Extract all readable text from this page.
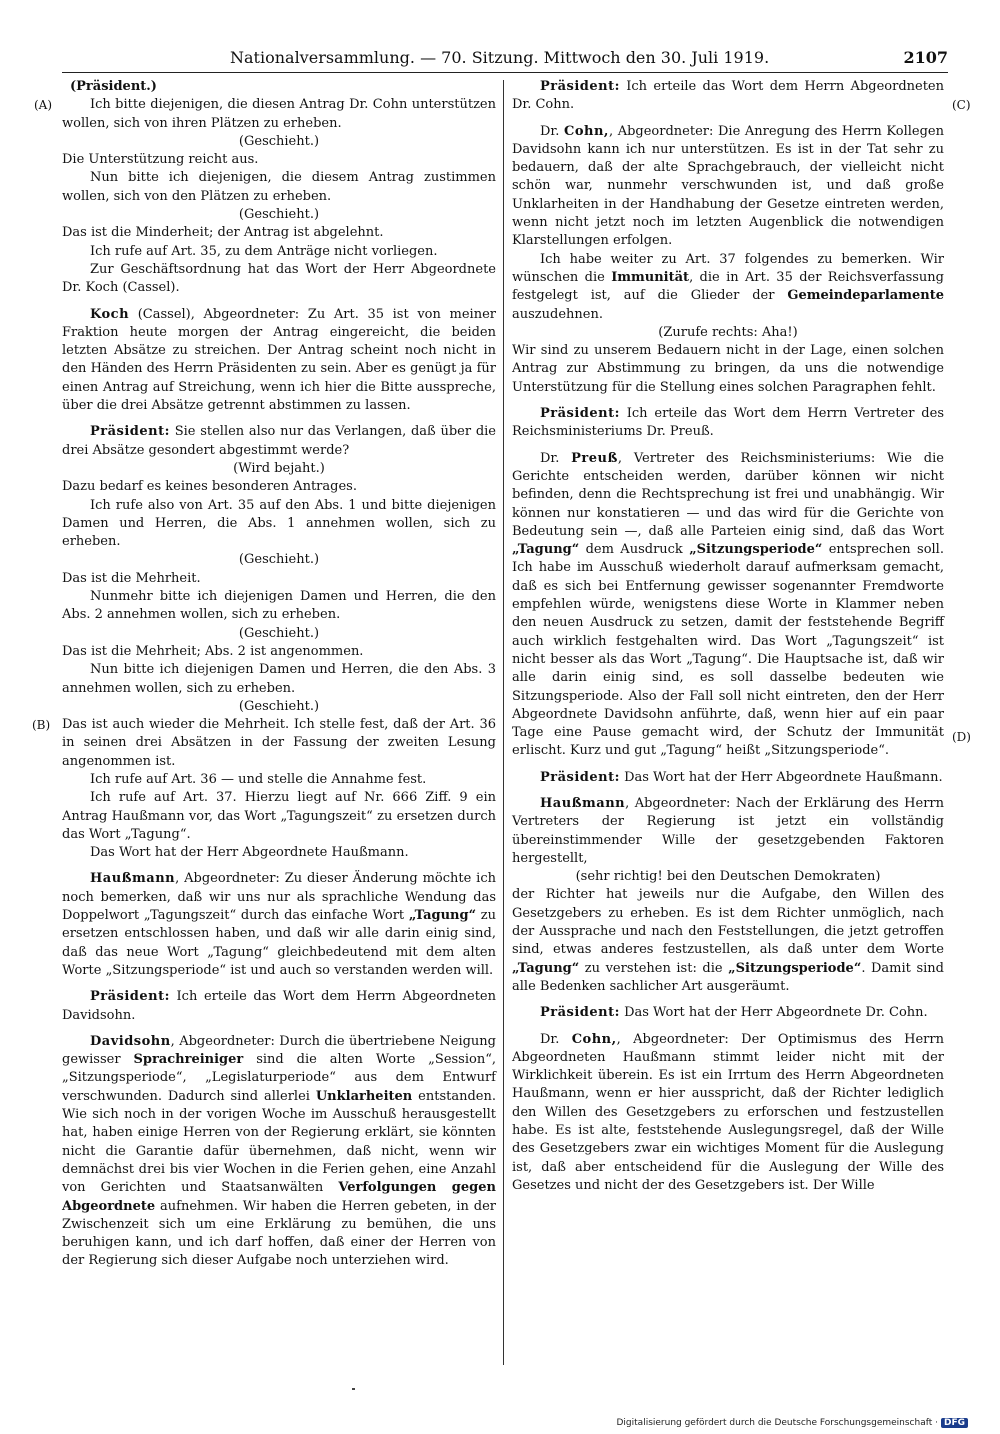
Nationalversammlung. — 70. Sitzung. Mittwoch den 30. Juli 1919.	2107
(A)
(B)
(C)
(D)

(Präsident.)

Ich bitte diejenigen, die diesen Antrag Dr. Cohn unterstützen wollen, sich von ihren Plätzen zu erheben.

(Geschieht.)

Die Unterstützung reicht aus.

Nun bitte ich diejenigen, die diesem Antrag zustimmen wollen, sich von den Plätzen zu erheben.

(Geschieht.)

Das ist die Minderheit; der Antrag ist abgelehnt.

Ich rufe auf Art. 35, zu dem Anträge nicht vorliegen.

Zur Geschäftsordnung hat das Wort der Herr Abgeordnete Dr. Koch (Cassel).

Koch (Cassel), Abgeordneter: Zu Art. 35 ist von meiner Fraktion heute morgen der Antrag eingereicht, die beiden letzten Absätze zu streichen. Der Antrag scheint noch nicht in den Händen des Herrn Präsidenten zu sein. Aber es genügt ja für einen Antrag auf Streichung, wenn ich hier die Bitte ausspreche, über die drei Absätze getrennt abstimmen zu lassen.

Präsident: Sie stellen also nur das Verlangen, daß über die drei Absätze gesondert abgestimmt werde?

(Wird bejaht.)

Dazu bedarf es keines besonderen Antrages.

Ich rufe also von Art. 35 auf den Abs. 1 und bitte diejenigen Damen und Herren, die Abs. 1 annehmen wollen, sich zu erheben.

(Geschieht.)

Das ist die Mehrheit.

Nunmehr bitte ich diejenigen Damen und Herren, die den Abs. 2 annehmen wollen, sich zu erheben.

(Geschieht.)

Das ist die Mehrheit; Abs. 2 ist angenommen.

Nun bitte ich diejenigen Damen und Herren, die den Abs. 3 annehmen wollen, sich zu erheben.

(Geschieht.)

Das ist auch wieder die Mehrheit. Ich stelle fest, daß der Art. 36 in seinen drei Absätzen in der Fassung der zweiten Lesung angenommen ist.

Ich rufe auf Art. 36 — und stelle die Annahme fest.

Ich rufe auf Art. 37. Hierzu liegt auf Nr. 666 Ziff. 9 ein Antrag Haußmann vor, das Wort „Tagungszeit“ zu ersetzen durch das Wort „Tagung“.

Das Wort hat der Herr Abgeordnete Haußmann.

Haußmann, Abgeordneter: Zu dieser Änderung möchte ich noch bemerken, daß wir uns nur als sprachliche Wendung das Doppelwort „Tagungszeit“ durch das einfache Wort „Tagung“ zu ersetzen entschlossen haben, und daß wir alle darin einig sind, daß das neue Wort „Tagung“ gleichbedeutend mit dem alten Worte „Sitzungsperiode“ ist und auch so verstanden werden will.

Präsident: Ich erteile das Wort dem Herrn Abgeordneten Davidsohn.

Davidsohn, Abgeordneter: Durch die übertriebene Neigung gewisser Sprachreiniger sind die alten Worte „Session“, „Sitzungsperiode“, „Legislaturperiode“ aus dem Entwurf verschwunden. Dadurch sind allerlei Unklarheiten entstanden. Wie sich noch in der vorigen Woche im Ausschuß herausgestellt hat, haben einige Herren von der Regierung erklärt, sie könnten nicht die Garantie dafür übernehmen, daß nicht, wenn wir demnächst drei bis vier Wochen in die Ferien gehen, eine Anzahl von Gerichten und Staatsanwälten Verfolgungen gegen Abgeordnete aufnehmen. Wir haben die Herren gebeten, in der Zwischenzeit sich um eine Erklärung zu bemühen, die uns beruhigen kann, und ich darf hoffen, daß einer der Herren von der Regierung sich dieser Aufgabe noch unterziehen wird.

Präsident: Ich erteile das Wort dem Herrn Abgeordneten Dr. Cohn.

Dr. Cohn,, Abgeordneter: Die Anregung des Herrn Kollegen Davidsohn kann ich nur unterstützen. Es ist in der Tat sehr zu bedauern, daß der alte Sprachgebrauch, der vielleicht nicht schön war, nunmehr verschwunden ist, und daß große Unklarheiten in der Handhabung der Gesetze eintreten werden, wenn nicht jetzt noch im letzten Augenblick die notwendigen Klarstellungen erfolgen.

Ich habe weiter zu Art. 37 folgendes zu bemerken. Wir wünschen die Immunität, die in Art. 35 der Reichsverfassung festgelegt ist, auf die Glieder der Gemeindeparlamente auszudehnen.

(Zurufe rechts: Aha!)

Wir sind zu unserem Bedauern nicht in der Lage, einen solchen Antrag zur Abstimmung zu bringen, da uns die notwendige Unterstützung für die Stellung eines solchen Paragraphen fehlt.

Präsident: Ich erteile das Wort dem Herrn Vertreter des Reichsministeriums Dr. Preuß.

Dr. Preuß, Vertreter des Reichsministeriums: Wie die Gerichte entscheiden werden, darüber können wir nicht befinden, denn die Rechtsprechung ist frei und unabhängig. Wir können nur konstatieren — und das wird für die Gerichte von Bedeutung sein —, daß alle Parteien einig sind, daß das Wort „Tagung“ dem Ausdruck „Sitzungsperiode“ entsprechen soll. Ich habe im Ausschuß wiederholt darauf aufmerksam gemacht, daß es sich bei Entfernung gewisser sogenannter Fremdworte empfehlen würde, wenigstens diese Worte in Klammer neben den neuen Ausdruck zu setzen, damit der feststehende Begriff auch wirklich festgehalten wird. Das Wort „Tagungszeit“ ist nicht besser als das Wort „Tagung“. Die Hauptsache ist, daß wir alle darin einig sind, es soll dasselbe bedeuten wie Sitzungsperiode. Also der Fall soll nicht eintreten, den der Herr Abgeordnete Davidsohn anführte, daß, wenn hier auf ein paar Tage eine Pause gemacht wird, der Schutz der Immunität erlischt. Kurz und gut „Tagung“ heißt „Sitzungsperiode“.

Präsident: Das Wort hat der Herr Abgeordnete Haußmann.

Haußmann, Abgeordneter: Nach der Erklärung des Herrn Vertreters der Regierung ist jetzt ein vollständig übereinstimmender Wille der gesetzgebenden Faktoren hergestellt,

(sehr richtig! bei den Deutschen Demokraten)

der Richter hat jeweils nur die Aufgabe, den Willen des Gesetzgebers zu erheben. Es ist dem Richter unmöglich, nach der Aussprache und nach den Feststellungen, die jetzt getroffen sind, etwas anderes festzustellen, als daß unter dem Worte „Tagung“ zu verstehen ist: die „Sitzungsperiode“. Damit sind alle Bedenken sachlicher Art ausgeräumt.

Präsident: Das Wort hat der Herr Abgeordnete Dr. Cohn.

Dr. Cohn,, Abgeordneter: Der Optimismus des Herrn Abgeordneten Haußmann stimmt leider nicht mit der Wirklichkeit überein. Es ist ein Irrtum des Herrn Abgeordneten Haußmann, wenn er hier ausspricht, daß der Richter lediglich den Willen des Gesetzgebers zu erforschen und festzustellen habe. Es ist alte, feststehende Auslegungsregel, daß der Wille des Gesetzgebers zwar ein wichtiges Moment für die Auslegung ist, daß aber entscheidend für die Auslegung der Wille des Gesetzes und nicht der des Gesetzgebers ist. Der Wille

Digitalisierung gefördert durch die Deutsche Forschungsgemeinschaft · DFG
